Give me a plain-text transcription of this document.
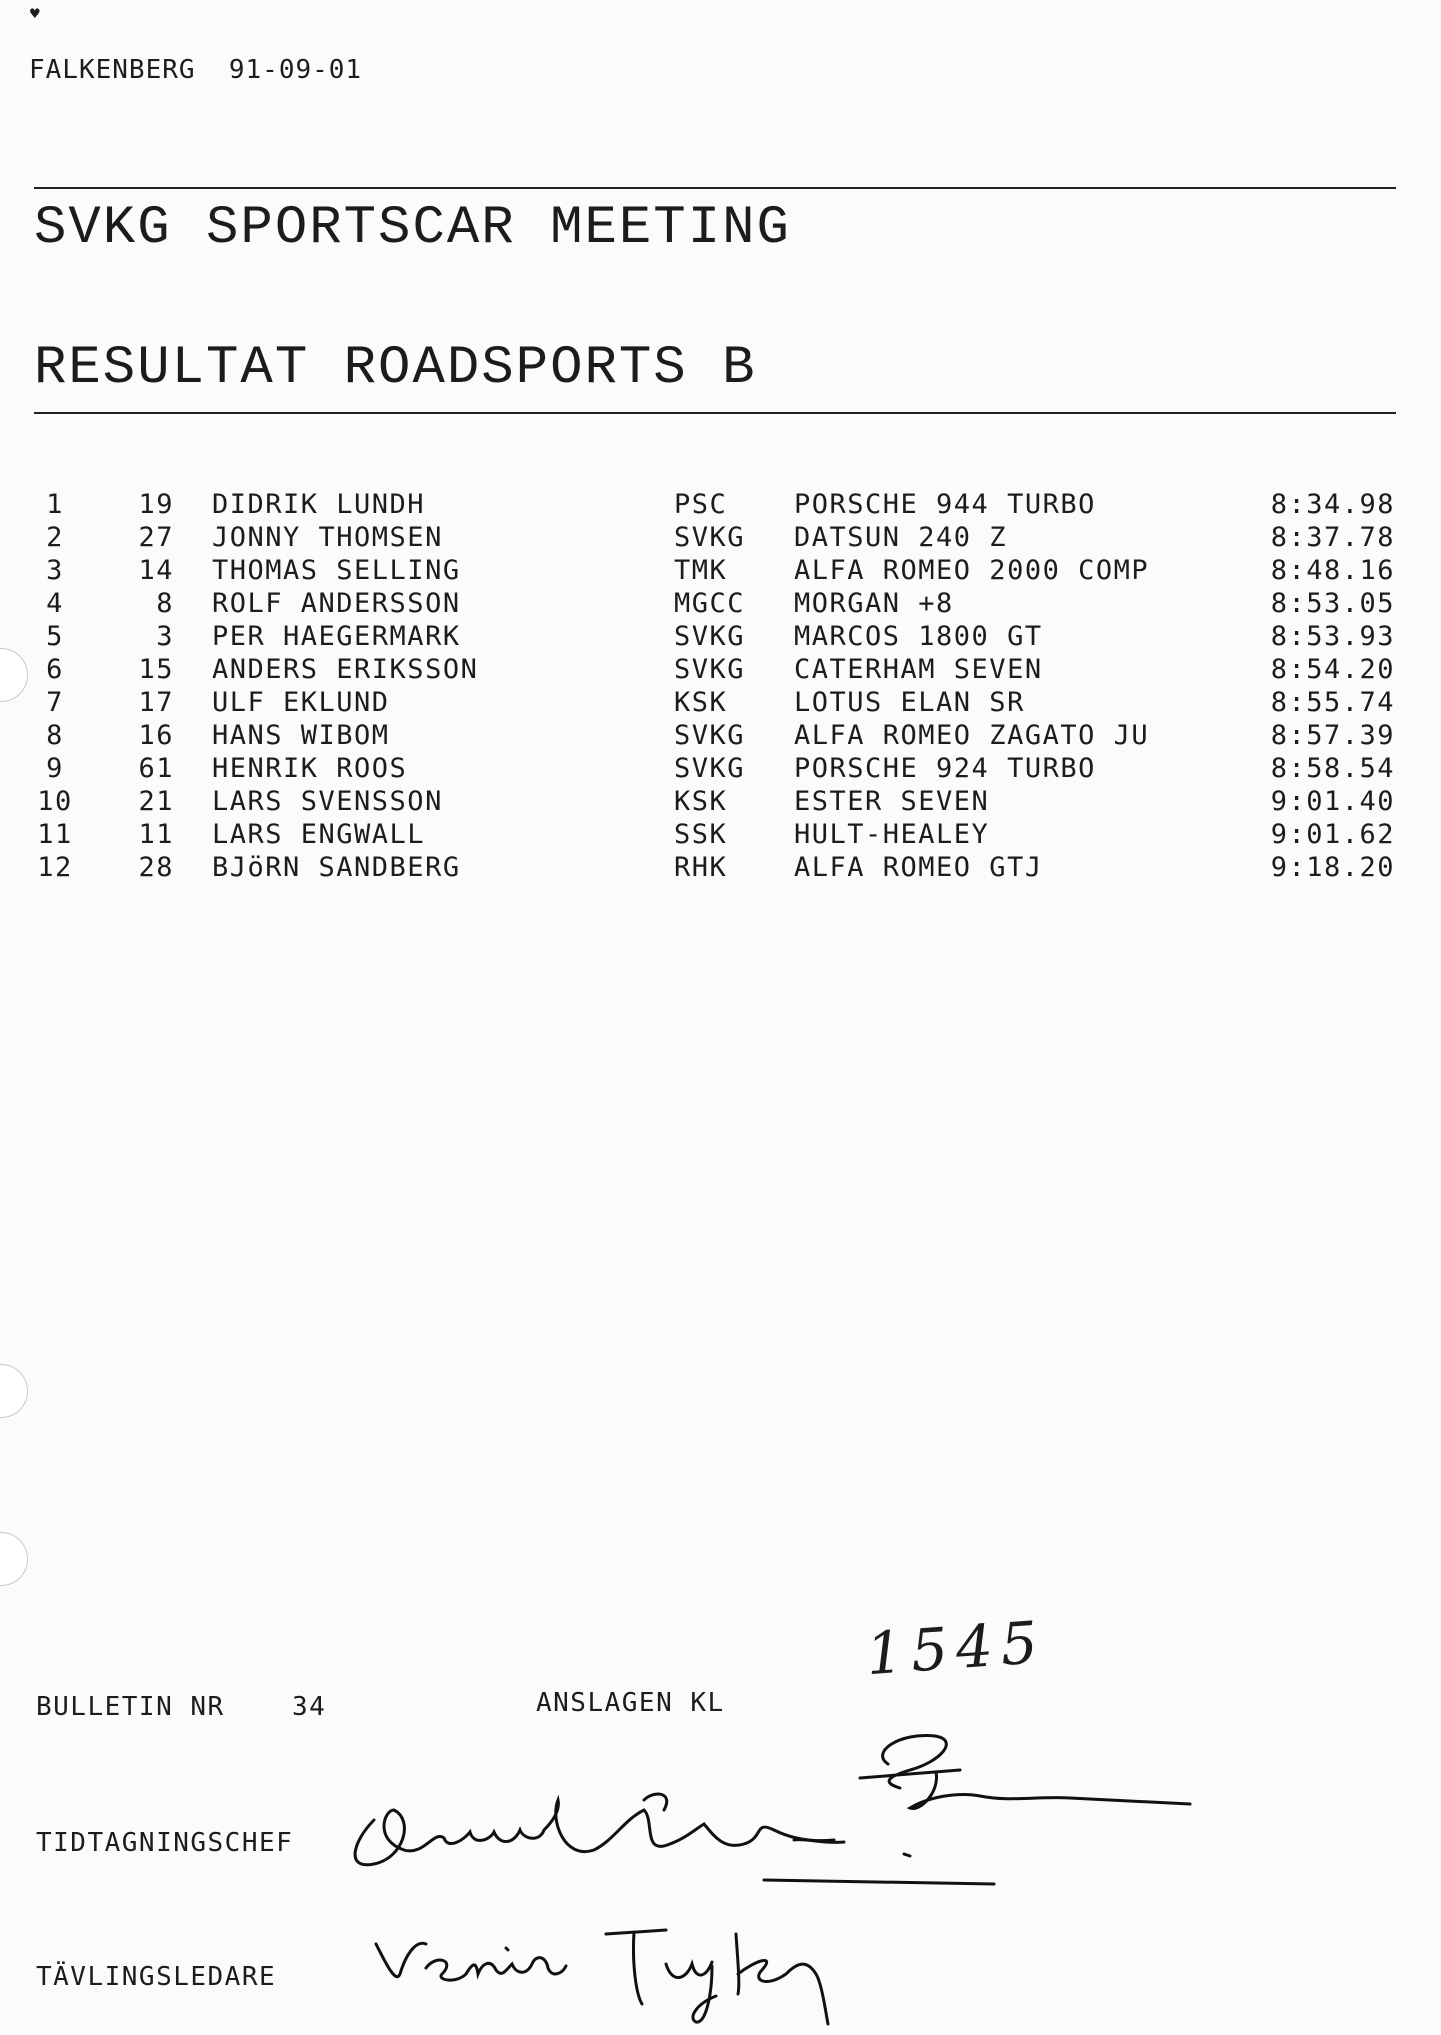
♥
FALKENBERG 91-09-01
SVKG SPORTSCAR MEETING
RESULTAT ROADSPORTS B
1	19 DIDRIK LUNDH	PSC PORSCHE 944 TURBO	8:34.98
2	27 JONNY THOMSEN	SVKG DATSUN 240 Z	8:37.78
3	14 THOMAS SELLING	TMK ALFA ROMEO 2000 COMP	8:48.16
4	8 ROLF ANDERSSON	MGCC MORGAN +8	8:53.05
5	3 PER HAEGERMARK	SVKG MARCOS 1800 GT	8:53.93
6	15 ANDERS ERIKSSON	SVKG CATERHAM SEVEN	8:54.20
7	17 ULF EKLUND	KSK LOTUS ELAN SR	8:55.74
8	16 HANS WIBOM	SVKG ALFA ROMEO ZAGATO JU	8:57.39
9	61 HENRIK ROOS	SVKG PORSCHE 924 TURBO	8:58.54
10	21 LARS SVENSSON	KSK ESTER SEVEN	9:01.40
11	11 LARS ENGWALL	SSK HULT-HEALEY	9:01.62
12	28 BJöRN SANDBERG	RHK ALFA ROMEO GTJ	9:18.20
BULLETIN NR	34	ANSLAGEN KL
1545
TIDTAGNINGSCHEF
TÄVLINGSLEDARE
